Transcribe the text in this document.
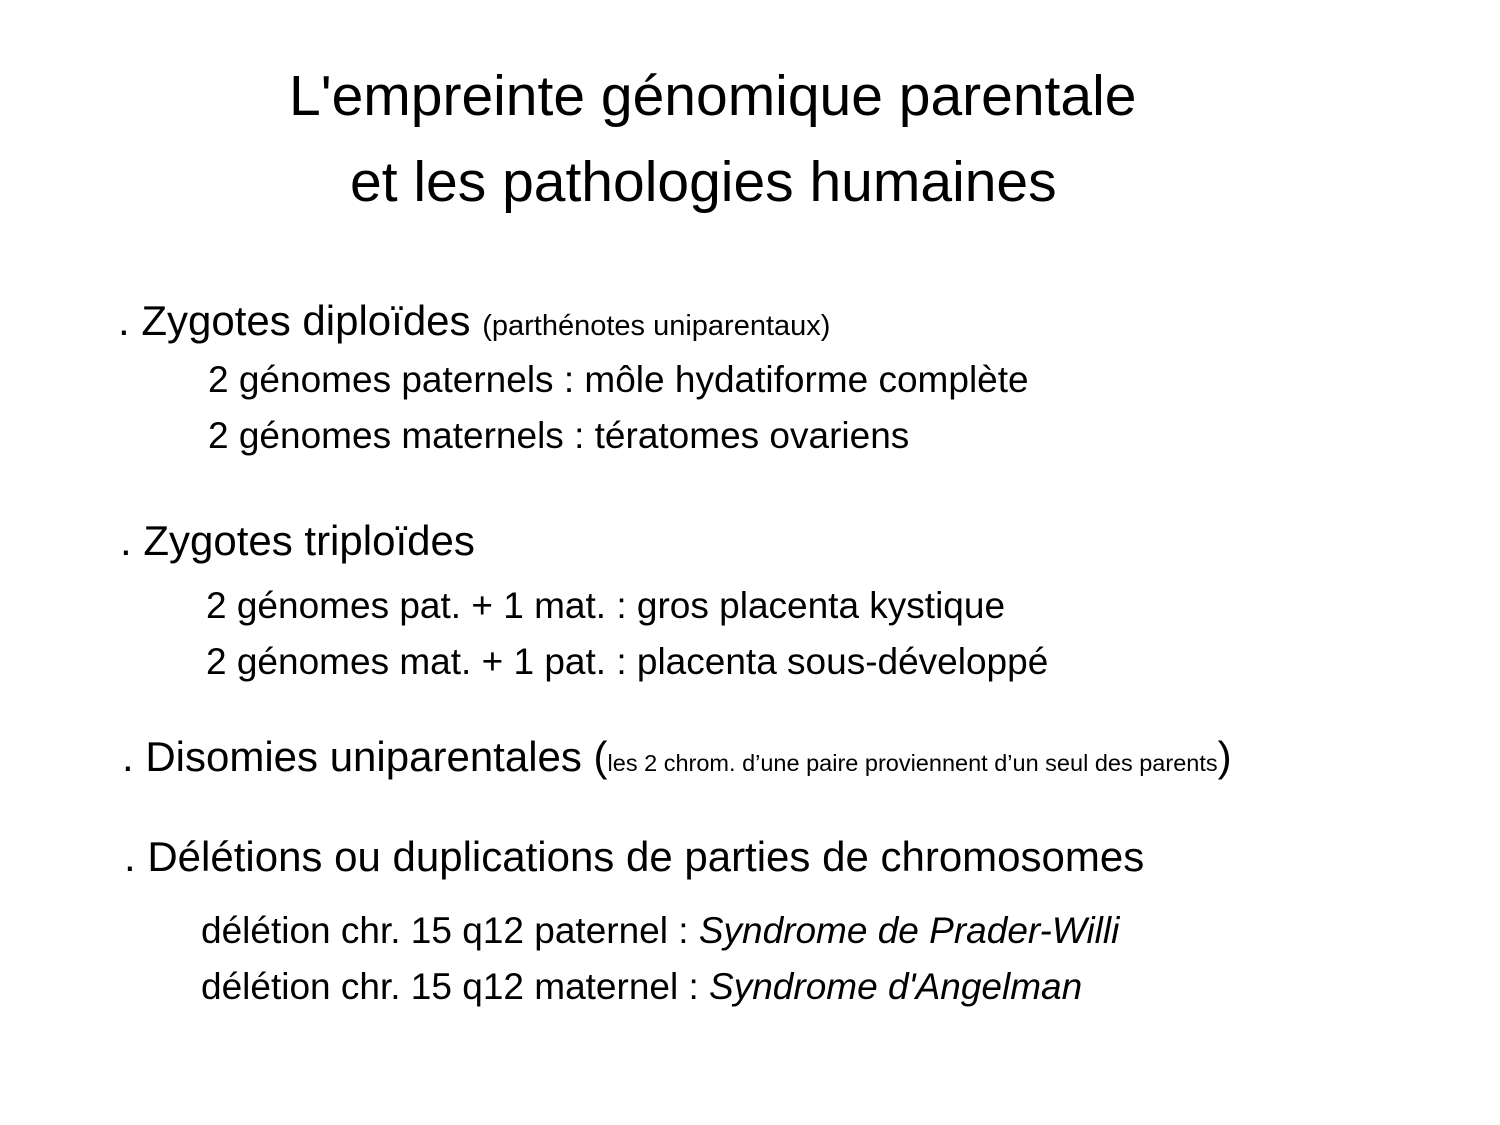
L'empreinte génomique parentale
et les pathologies humaines
. Zygotes diploïdes (parthénotes uniparentaux)
2 génomes paternels : môle hydatiforme complète
2 génomes maternels : tératomes ovariens
. Zygotes triploïdes
2 génomes pat. + 1 mat. : gros placenta kystique
2 génomes mat. + 1 pat. : placenta sous-développé
. Disomies uniparentales (les 2 chrom. d’une paire proviennent d’un seul des parents)
. Délétions ou duplications de parties de chromosomes
délétion chr. 15 q12 paternel : Syndrome de Prader-Willi
délétion chr. 15 q12 maternel : Syndrome d'Angelman
